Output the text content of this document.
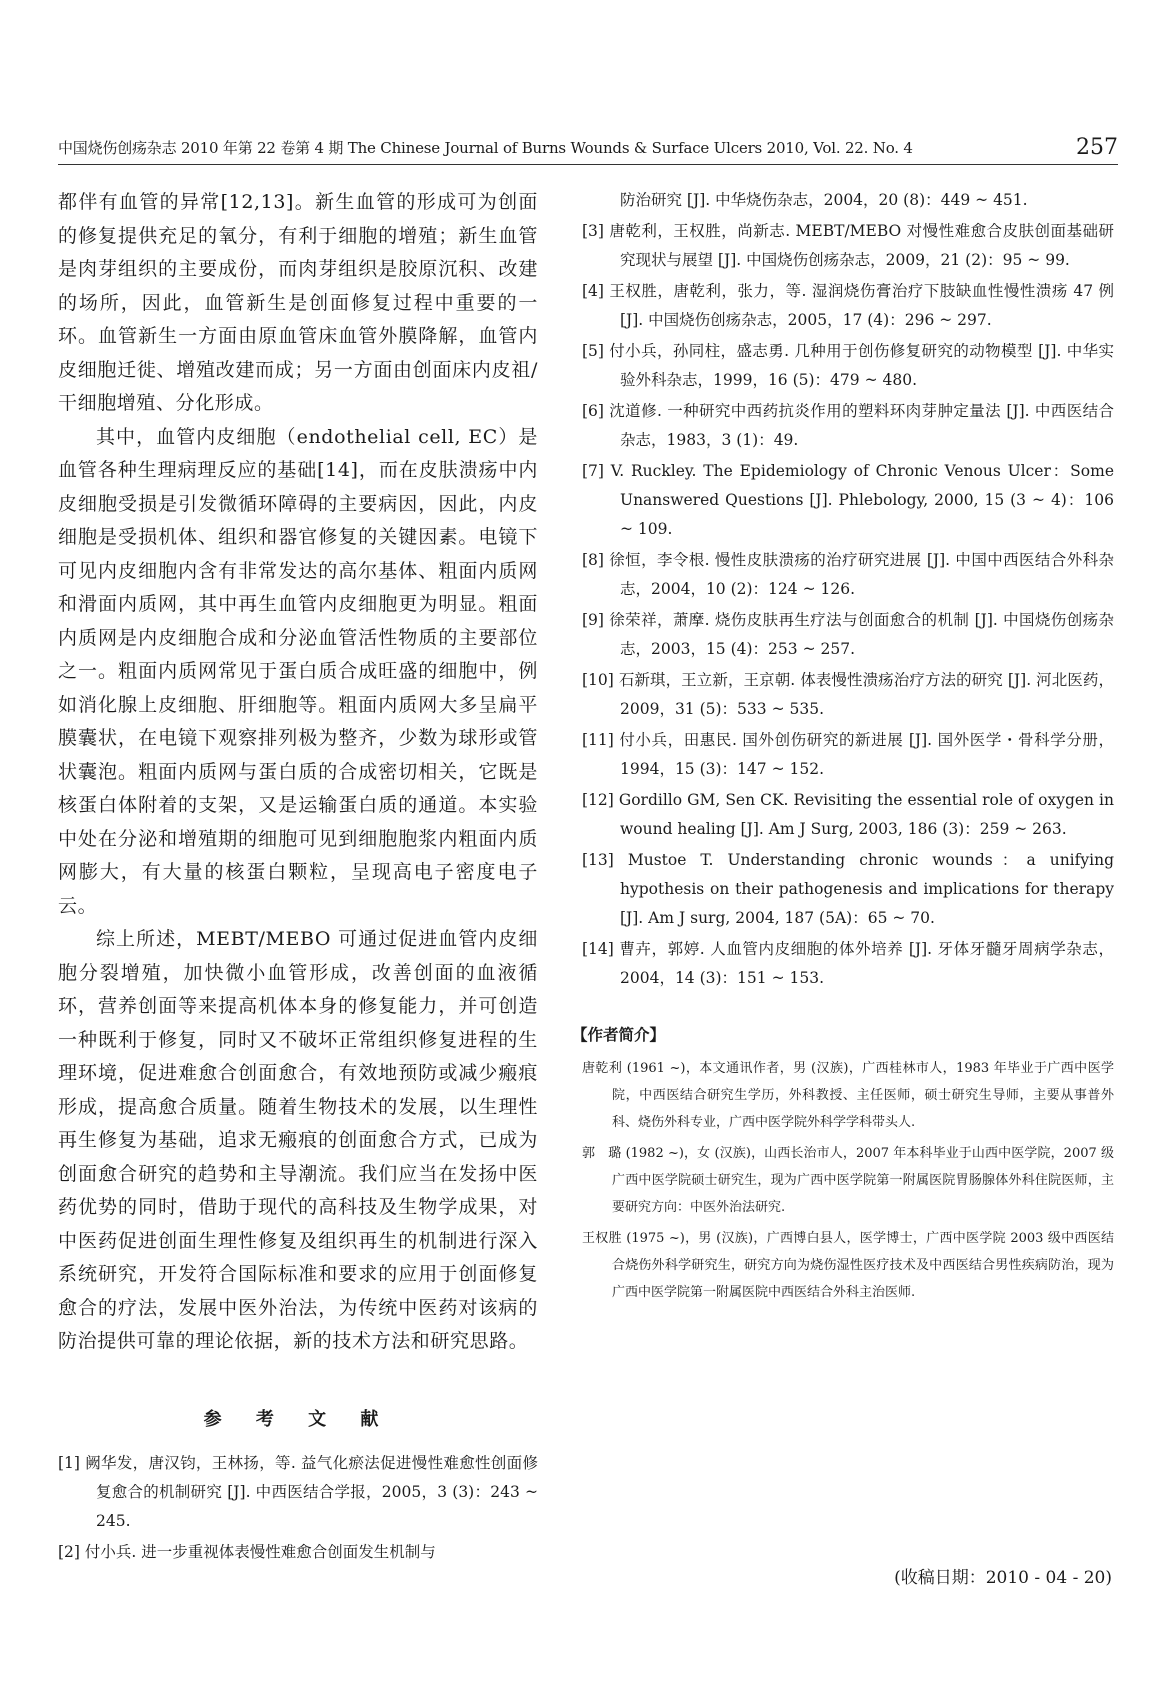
中国烧伤创疡杂志 2010 年第 22 卷第 4 期 The Chinese Journal of Burns Wounds & Surface Ulcers 2010, Vol. 22. No. 4	257

都伴有血管的异常[12,13]。新生血管的形成可为创面的修复提供充足的氧分，有利于细胞的增殖；新生血管是肉芽组织的主要成份，而肉芽组织是胶原沉积、改建的场所，因此，血管新生是创面修复过程中重要的一环。血管新生一方面由原血管床血管外膜降解，血管内皮细胞迁徙、增殖改建而成；另一方面由创面床内皮祖/干细胞增殖、分化形成。

其中，血管内皮细胞（endothelial cell, EC）是血管各种生理病理反应的基础[14]，而在皮肤溃疡中内皮细胞受损是引发微循环障碍的主要病因，因此，内皮细胞是受损机体、组织和器官修复的关键因素。电镜下可见内皮细胞内含有非常发达的高尔基体、粗面内质网和滑面内质网，其中再生血管内皮细胞更为明显。粗面内质网是内皮细胞合成和分泌血管活性物质的主要部位之一。粗面内质网常见于蛋白质合成旺盛的细胞中，例如消化腺上皮细胞、肝细胞等。粗面内质网大多呈扁平膜囊状，在电镜下观察排列极为整齐，少数为球形或管状囊泡。粗面内质网与蛋白质的合成密切相关，它既是核蛋白体附着的支架，又是运输蛋白质的通道。本实验中处在分泌和增殖期的细胞可见到细胞胞浆内粗面内质网膨大，有大量的核蛋白颗粒，呈现高电子密度电子云。

综上所述，MEBT/MEBO 可通过促进血管内皮细胞分裂增殖，加快微小血管形成，改善创面的血液循环，营养创面等来提高机体本身的修复能力，并可创造一种既利于修复，同时又不破坏正常组织修复进程的生理环境，促进难愈合创面愈合，有效地预防或减少瘢痕形成，提高愈合质量。随着生物技术的发展，以生理性再生修复为基础，追求无瘢痕的创面愈合方式，已成为创面愈合研究的趋势和主导潮流。我们应当在发扬中医药优势的同时，借助于现代的高科技及生物学成果，对中医药促进创面生理性修复及组织再生的机制进行深入系统研究，开发符合国际标准和要求的应用于创面修复愈合的疗法，发展中医外治法，为传统中医药对该病的防治提供可靠的理论依据，新的技术方法和研究思路。

参 考 文 献

[1] 阙华发，唐汉钧，王林扬，等. 益气化瘀法促进慢性难愈性创面修复愈合的机制研究 [J]. 中西医结合学报，2005，3 (3)：243 ~ 245.

[2] 付小兵. 进一步重视体表慢性难愈合创面发生机制与

防治研究 [J]. 中华烧伤杂志，2004，20 (8)：449 ~ 451.

[3] 唐乾利，王权胜，尚新志. MEBT/MEBO 对慢性难愈合皮肤创面基础研究现状与展望 [J]. 中国烧伤创疡杂志，2009，21 (2)：95 ~ 99.

[4] 王权胜，唐乾利，张力，等. 湿润烧伤膏治疗下肢缺血性慢性溃疡 47 例 [J]. 中国烧伤创疡杂志，2005，17 (4)：296 ~ 297.

[5] 付小兵，孙同柱，盛志勇. 几种用于创伤修复研究的动物模型 [J]. 中华实验外科杂志，1999，16 (5)：479 ~ 480.

[6] 沈道修. 一种研究中西药抗炎作用的塑料环肉芽肿定量法 [J]. 中西医结合杂志，1983，3 (1)：49.

[7] V. Ruckley. The Epidemiology of Chronic Venous Ulcer：Some Unanswered Questions [J]. Phlebology, 2000, 15 (3 ~ 4)：106 ~ 109.

[8] 徐恒，李令根. 慢性皮肤溃疡的治疗研究进展 [J]. 中国中西医结合外科杂志，2004，10 (2)：124 ~ 126.

[9] 徐荣祥，萧摩. 烧伤皮肤再生疗法与创面愈合的机制 [J]. 中国烧伤创疡杂志，2003，15 (4)：253 ~ 257.

[10] 石新琪，王立新，王京朝. 体表慢性溃疡治疗方法的研究 [J]. 河北医药，2009，31 (5)：533 ~ 535.

[11] 付小兵，田惠民. 国外创伤研究的新进展 [J]. 国外医学・骨科学分册，1994，15 (3)：147 ~ 152.

[12] Gordillo GM, Sen CK. Revisiting the essential role of oxygen in wound healing [J]. Am J Surg, 2003, 186 (3)：259 ~ 263.

[13] Mustoe T. Understanding chronic wounds：a unifying hypothesis on their pathogenesis and implications for therapy [J]. Am J surg, 2004, 187 (5A)：65 ~ 70.

[14] 曹卉，郭婷. 人血管内皮细胞的体外培养 [J]. 牙体牙髓牙周病学杂志，2004，14 (3)：151 ~ 153.

【作者简介】

唐乾利 (1961 ~)，本文通讯作者，男 (汉族)，广西桂林市人，1983 年毕业于广西中医学院，中西医结合研究生学历，外科教授、主任医师，硕士研究生导师，主要从事普外科、烧伤外科专业，广西中医学院外科学学科带头人.

郭　璐 (1982 ~)，女 (汉族)，山西长治市人，2007 年本科毕业于山西中医学院，2007 级广西中医学院硕士研究生，现为广西中医学院第一附属医院胃肠腺体外科住院医师，主要研究方向：中医外治法研究.

王权胜 (1975 ~)，男 (汉族)，广西博白县人，医学博士，广西中医学院 2003 级中西医结合烧伤外科学研究生，研究方向为烧伤湿性医疗技术及中西医结合男性疾病防治，现为广西中医学院第一附属医院中西医结合外科主治医师.

(收稿日期：2010 - 04 - 20)
